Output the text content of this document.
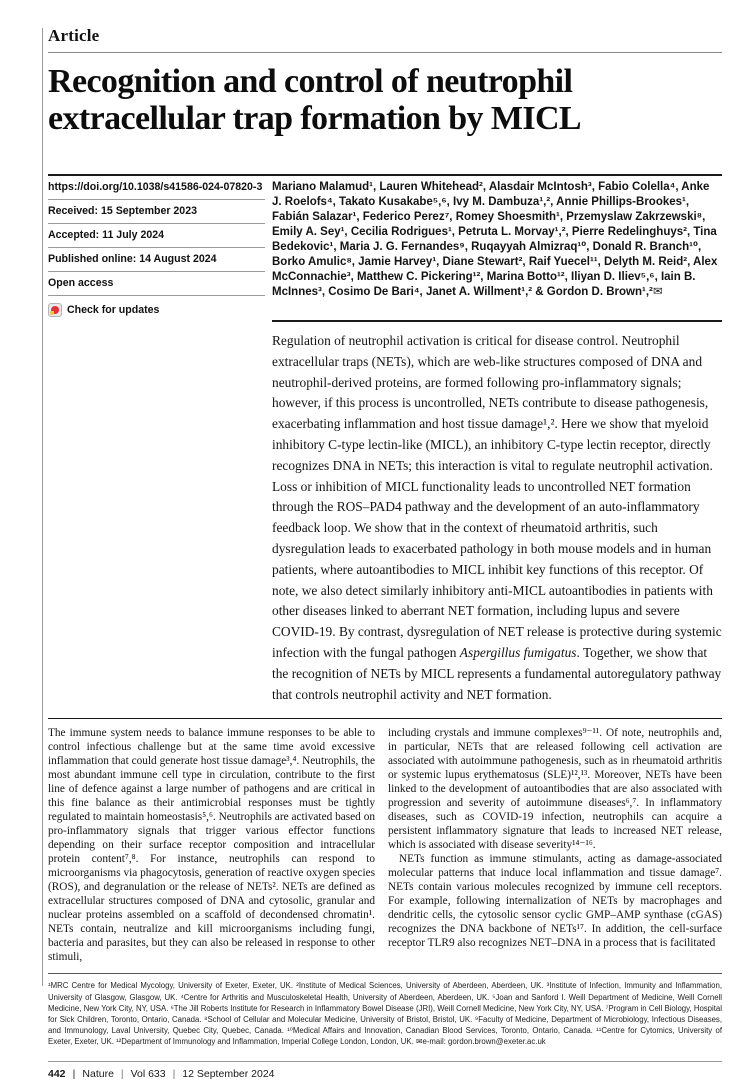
Article
Recognition and control of neutrophil
extracellular trap formation by MICL
https://doi.org/10.1038/s41586-024-07820-3
Received: 15 September 2023
Accepted: 11 July 2024
Published online: 14 August 2024
Open access
Check for updates

Mariano Malamud¹, Lauren Whitehead², Alasdair McIntosh³, Fabio Colella⁴, Anke J. Roelofs⁴, Takato Kusakabe⁵,⁶, Ivy M. Dambuza¹,², Annie Phillips-Brookes¹, Fabián Salazar¹, Federico Perez⁷, Romey Shoesmith¹, Przemyslaw Zakrzewski⁸, Emily A. Sey¹, Cecilia Rodrigues¹, Petruta L. Morvay¹,², Pierre Redelinghuys², Tina Bedekovic¹, Maria J. G. Fernandes⁹, Ruqayyah Almizraq¹⁰, Donald R. Branch¹⁰, Borko Amulic⁸, Jamie Harvey¹, Diane Stewart², Raif Yuecel¹¹, Delyth M. Reid², Alex McConnachie³, Matthew C. Pickering¹², Marina Botto¹², Iliyan D. Iliev⁵,⁶, Iain B. McInnes³, Cosimo De Bari⁴, Janet A. Willment¹,² & Gordon D. Brown¹,²✉

Regulation of neutrophil activation is critical for disease control. Neutrophil extracellular traps (NETs), which are web-like structures composed of DNA and neutrophil-derived proteins, are formed following pro-inflammatory signals; however, if this process is uncontrolled, NETs contribute to disease pathogenesis, exacerbating inflammation and host tissue damage¹,². Here we show that myeloid inhibitory C-type lectin-like (MICL), an inhibitory C-type lectin receptor, directly recognizes DNA in NETs; this interaction is vital to regulate neutrophil activation. Loss or inhibition of MICL functionality leads to uncontrolled NET formation through the ROS–PAD4 pathway and the development of an auto-inflammatory feedback loop. We show that in the context of rheumatoid arthritis, such dysregulation leads to exacerbated pathology in both mouse models and in human patients, where autoantibodies to MICL inhibit key functions of this receptor. Of note, we also detect similarly inhibitory anti-MICL autoantibodies in patients with other diseases linked to aberrant NET formation, including lupus and severe COVID-19. By contrast, dysregulation of NET release is protective during systemic infection with the fungal pathogen Aspergillus fumigatus. Together, we show that the recognition of NETs by MICL represents a fundamental autoregulatory pathway that controls neutrophil activity and NET formation.

The immune system needs to balance immune responses to be able to control infectious challenge but at the same time avoid excessive inflammation that could generate host tissue damage³,⁴. Neutrophils, the most abundant immune cell type in circulation, contribute to the first line of defence against a large number of pathogens and are critical in this fine balance as their antimicrobial responses must be tightly regulated to maintain homeostasis⁵,⁶. Neutrophils are activated based on pro-inflammatory signals that trigger various effector functions depending on their surface receptor composition and intracellular protein content⁷,⁸. For instance, neutrophils can respond to microorganisms via phagocytosis, generation of reactive oxygen species (ROS), and degranulation or the release of NETs². NETs are defined as extracellular structures composed of DNA and cytosolic, granular and nuclear proteins assembled on a scaffold of decondensed chromatin¹. NETs contain, neutralize and kill microorganisms including fungi, bacteria and parasites, but they can also be released in response to other stimuli,

including crystals and immune complexes⁹⁻¹¹. Of note, neutrophils and, in particular, NETs that are released following cell activation are associated with autoimmune pathogenesis, such as in rheumatoid arthritis or systemic lupus erythematosus (SLE)¹²,¹³. Moreover, NETs have been linked to the development of autoantibodies that are also associated with progression and severity of autoimmune diseases⁶,⁷. In inflammatory diseases, such as COVID-19 infection, neutrophils can acquire a persistent inflammatory signature that leads to increased NET release, which is associated with disease severity¹⁴⁻¹⁶.

NETs function as immune stimulants, acting as damage-associated molecular patterns that induce local inflammation and tissue damage⁷. NETs contain various molecules recognized by immune cell receptors. For example, following internalization of NETs by macrophages and dendritic cells, the cytosolic sensor cyclic GMP–AMP synthase (cGAS) recognizes the DNA backbone of NETs¹⁷. In addition, the cell-surface receptor TLR9 also recognizes NET–DNA in a process that is facilitated

¹MRC Centre for Medical Mycology, University of Exeter, Exeter, UK. ²Institute of Medical Sciences, University of Aberdeen, Aberdeen, UK. ³Institute of Infection, Immunity and Inflammation, University of Glasgow, Glasgow, UK. ⁴Centre for Arthritis and Musculoskeletal Health, University of Aberdeen, Aberdeen, UK. ⁵Joan and Sanford I. Weill Department of Medicine, Weill Cornell Medicine, New York City, NY, USA. ⁶The Jill Roberts Institute for Research in Inflammatory Bowel Disease (JRI), Weill Cornell Medicine, New York City, NY, USA. ⁷Program in Cell Biology, Hospital for Sick Children, Toronto, Ontario, Canada. ⁸School of Cellular and Molecular Medicine, University of Bristol, Bristol, UK. ⁹Faculty of Medicine, Department of Microbiology, Infectious Diseases, and Immunology, Laval University, Quebec City, Quebec, Canada. ¹⁰Medical Affairs and Innovation, Canadian Blood Services, Toronto, Ontario, Canada. ¹¹Centre for Cytomics, University of Exeter, Exeter, UK. ¹²Department of Immunology and Inflammation, Imperial College London, London, UK. ✉e-mail: gordon.brown@exeter.ac.uk

442 | Nature | Vol 633 | 12 September 2024
